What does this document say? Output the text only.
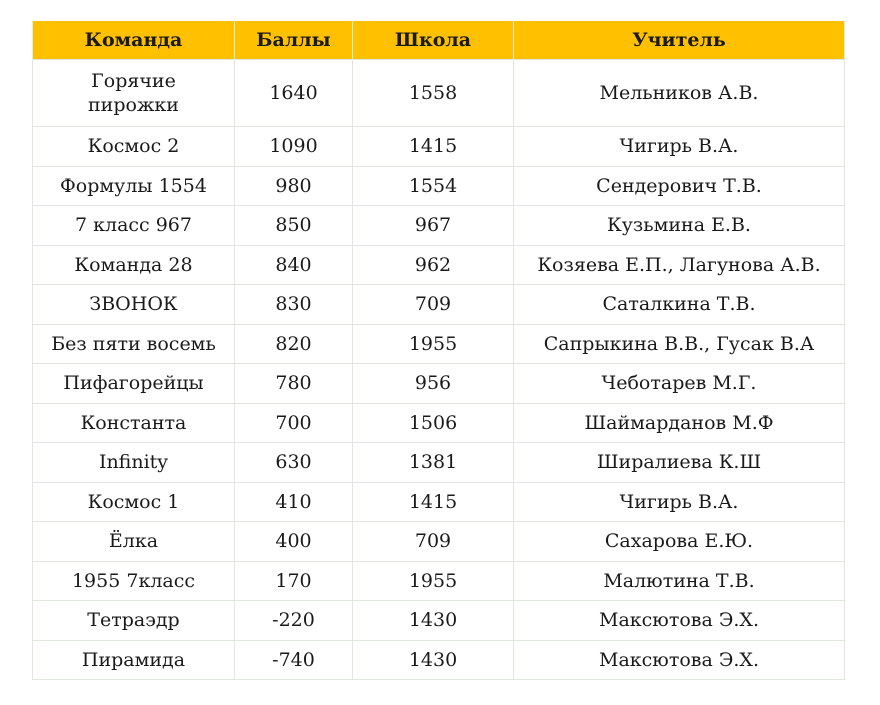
Команда	Баллы	Школа	Учитель
Горячие пирожки	1640	1558	Мельников А.В.
Космос 2	1090	1415	Чигирь В.А.
Формулы 1554	980	1554	Сендерович Т.В.
7 класс 967	850	967	Кузьмина Е.В.
Команда 28	840	962	Козяева Е.П., Лагунова А.В.
ЗВОНОК	830	709	Саталкина Т.В.
Без пяти восемь	820	1955	Сапрыкина В.В., Гусак В.А
Пифагорейцы	780	956	Чеботарев М.Г.
Константа	700	1506	Шаймарданов М.Ф
Infinity	630	1381	Ширалиева К.Ш
Космос 1	410	1415	Чигирь В.А.
Ёлка	400	709	Сахарова Е.Ю.
1955 7класс	170	1955	Малютина Т.В.
Тетраэдр	-220	1430	Максютова Э.Х.
Пирамида	-740	1430	Максютова Э.Х.
